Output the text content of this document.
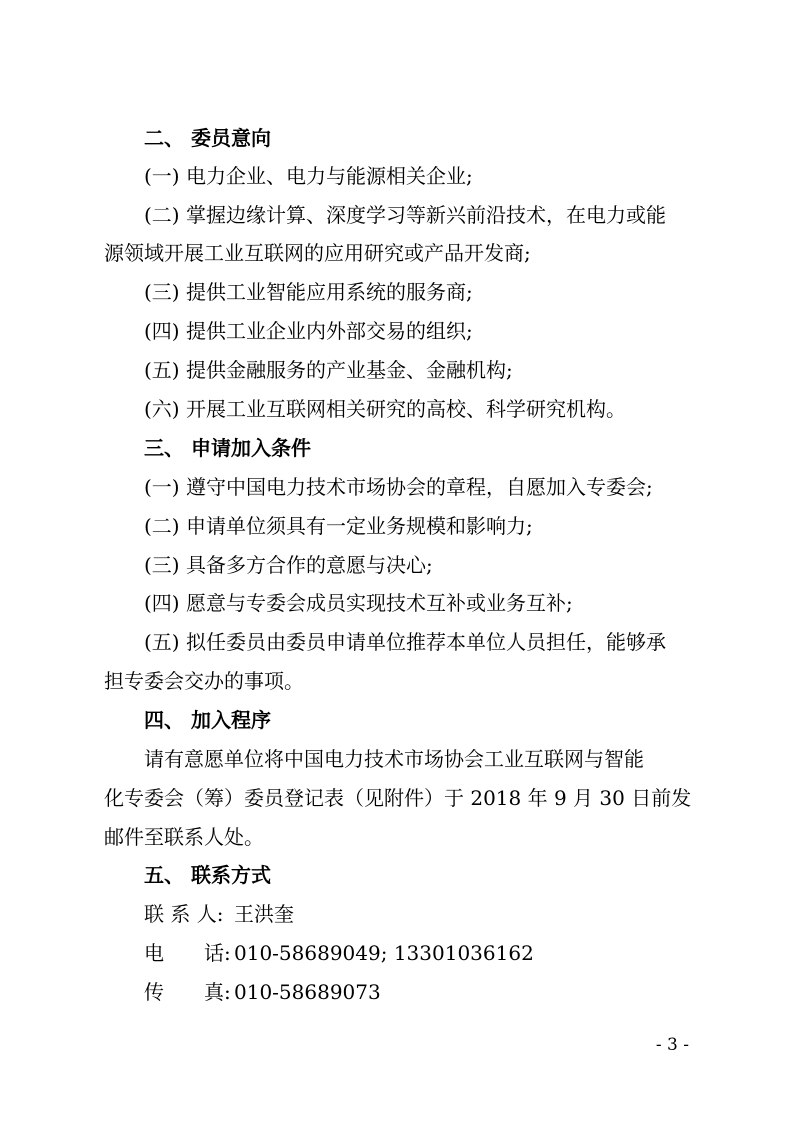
二、 委员意向
(一) 电力企业、电力与能源相关企业;
(二) 掌握边缘计算、深度学习等新兴前沿技术，在电力或能
源领域开展工业互联网的应用研究或产品开发商;
(三) 提供工业智能应用系统的服务商;
(四) 提供工业企业内外部交易的组织;
(五) 提供金融服务的产业基金、金融机构;
(六) 开展工业互联网相关研究的高校、科学研究机构。
三、 申请加入条件
(一) 遵守中国电力技术市场协会的章程，自愿加入专委会;
(二) 申请单位须具有一定业务规模和影响力;
(三) 具备多方合作的意愿与决心;
(四) 愿意与专委会成员实现技术互补或业务互补;
(五) 拟任委员由委员申请单位推荐本单位人员担任，能够承
担专委会交办的事项。
四、 加入程序
请有意愿单位将中国电力技术市场协会工业互联网与智能
化专委会（筹）委员登记表（见附件）于 2018 年 9 月 30 日前发
邮件至联系人处。
五、 联系方式
联 系 人: 王洪奎
电　　话: 010-58689049; 13301036162
传　　真: 010-58689073
- 3 -
